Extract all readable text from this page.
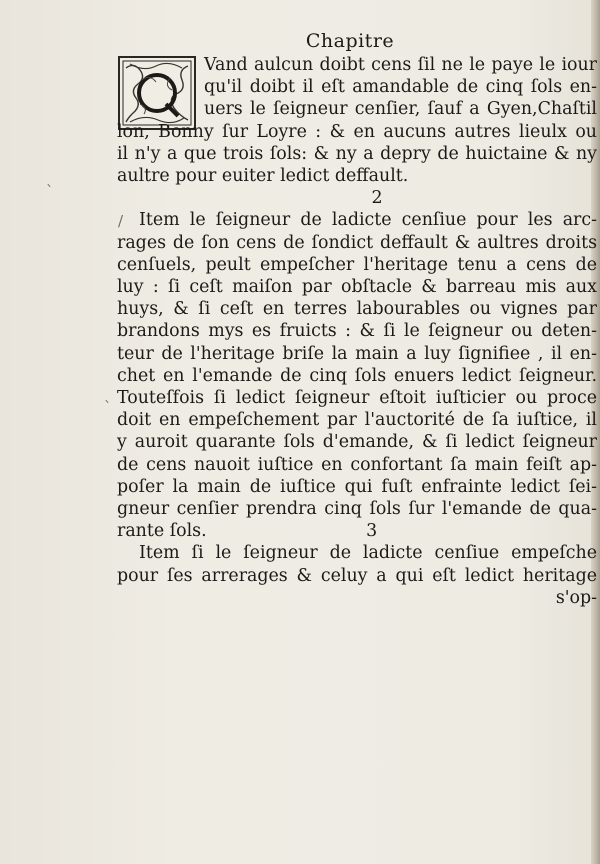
Chapitre
Vand aulcun doibt cens ſil ne le paye le iour
qu'il doibt il eſt amandable de cinq ſols en-
uers le ſeigneur cenſier, ſauf a Gyen,Chaſtil
lon, Bonny ſur Loyre : & en aucuns autres lieulx ou
il n'y a que trois ſols: & ny a depry de huictaine & ny
aultre pour euiter ledict deffault.
2
Item le ſeigneur de ladicte cenſiue pour les arc-
rages de ſon cens de ſondict deffault & aultres droits
cenſuels, peult empeſcher l'heritage tenu a cens de
luy : ſi ceſt maiſon par obſtacle & barreau mis aux
huys, & ſi ceſt en terres labourables ou vignes par
brandons mys es fruicts : & ſi le ſeigneur ou deten-
teur de l'heritage briſe la main a luy ſignifiee , il en-
chet en l'emande de cinq ſols enuers ledict ſeigneur.
Touteſfois ſi ledict ſeigneur eſtoit iuſticier ou proce
doit en empeſchement par l'auctorité de ſa iuſtice, il
y auroit quarante ſols d'emande, & ſi ledict ſeigneur
de cens nauoit iuſtice en confortant ſa main feiſt ap-
poſer la main de iuſtice qui fuſt enfrainte ledict ſei-
gneur cenſier prendra cinq ſols ſur l'emande de qua-
rante ſols.	3
Item ſi le ſeigneur de ladicte cenſiue empeſche
pour ſes arrerages & celuy a qui eſt ledict heritage
s'op-
/
`
`
